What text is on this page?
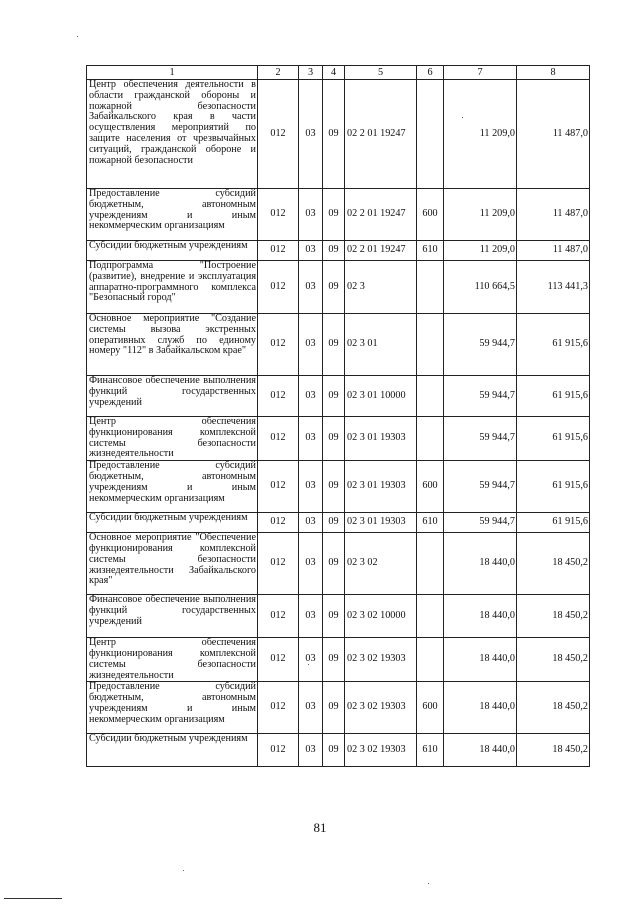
1	2	3	4	5	6	7	8
Центр обеспечения деятельности в области гражданской обороны и пожарной безопасности Забайкальского края в части осуществления мероприятий по защите населения от чрезвычайных ситуаций, гражданской обороне и пожарной безопасности	012	03	09	02 2 01 19247		11 209,0	11 487,0
Предоставление субсидий бюджетным, автономным учреждениям и иным некоммерческим организациям	012	03	09	02 2 01 19247	600	11 209,0	11 487,0
Субсидии бюджетным учреждениям	012	03	09	02 2 01 19247	610	11 209,0	11 487,0
Подпрограмма "Построение (развитие), внедрение и эксплуатация аппаратно-программного комплекса "Безопасный город"	012	03	09	02 3		110 664,5	113 441,3
Основное мероприятие "Создание системы вызова экстренных оперативных служб по единому номеру "112" в Забайкальском крае"	012	03	09	02 3 01		59 944,7	61 915,6
Финансовое обеспечение выполнения функций государственных учреждений	012	03	09	02 3 01 10000		59 944,7	61 915,6
Центр обеспечения функционирования комплексной системы безопасности жизнедеятельности	012	03	09	02 3 01 19303		59 944,7	61 915,6
Предоставление субсидий бюджетным, автономным учреждениям и иным некоммерческим организациям	012	03	09	02 3 01 19303	600	59 944,7	61 915,6
Субсидии бюджетным учреждениям	012	03	09	02 3 01 19303	610	59 944,7	61 915,6
Основное мероприятие "Обеспечение функционирования комплексной системы безопасности жизнедеятельности Забайкальского края"	012	03	09	02 3 02		18 440,0	18 450,2
Финансовое обеспечение выполнения функций государственных учреждений	012	03	09	02 3 02 10000		18 440,0	18 450,2
Центр обеспечения функционирования комплексной системы безопасности жизнедеятельности	012	03	09	02 3 02 19303		18 440,0	18 450,2
Предоставление субсидий бюджетным, автономным учреждениям и иным некоммерческим организациям	012	03	09	02 3 02 19303	600	18 440,0	18 450,2
Субсидии бюджетным учреждениям	012	03	09	02 3 02 19303	610	18 440,0	18 450,2
81
